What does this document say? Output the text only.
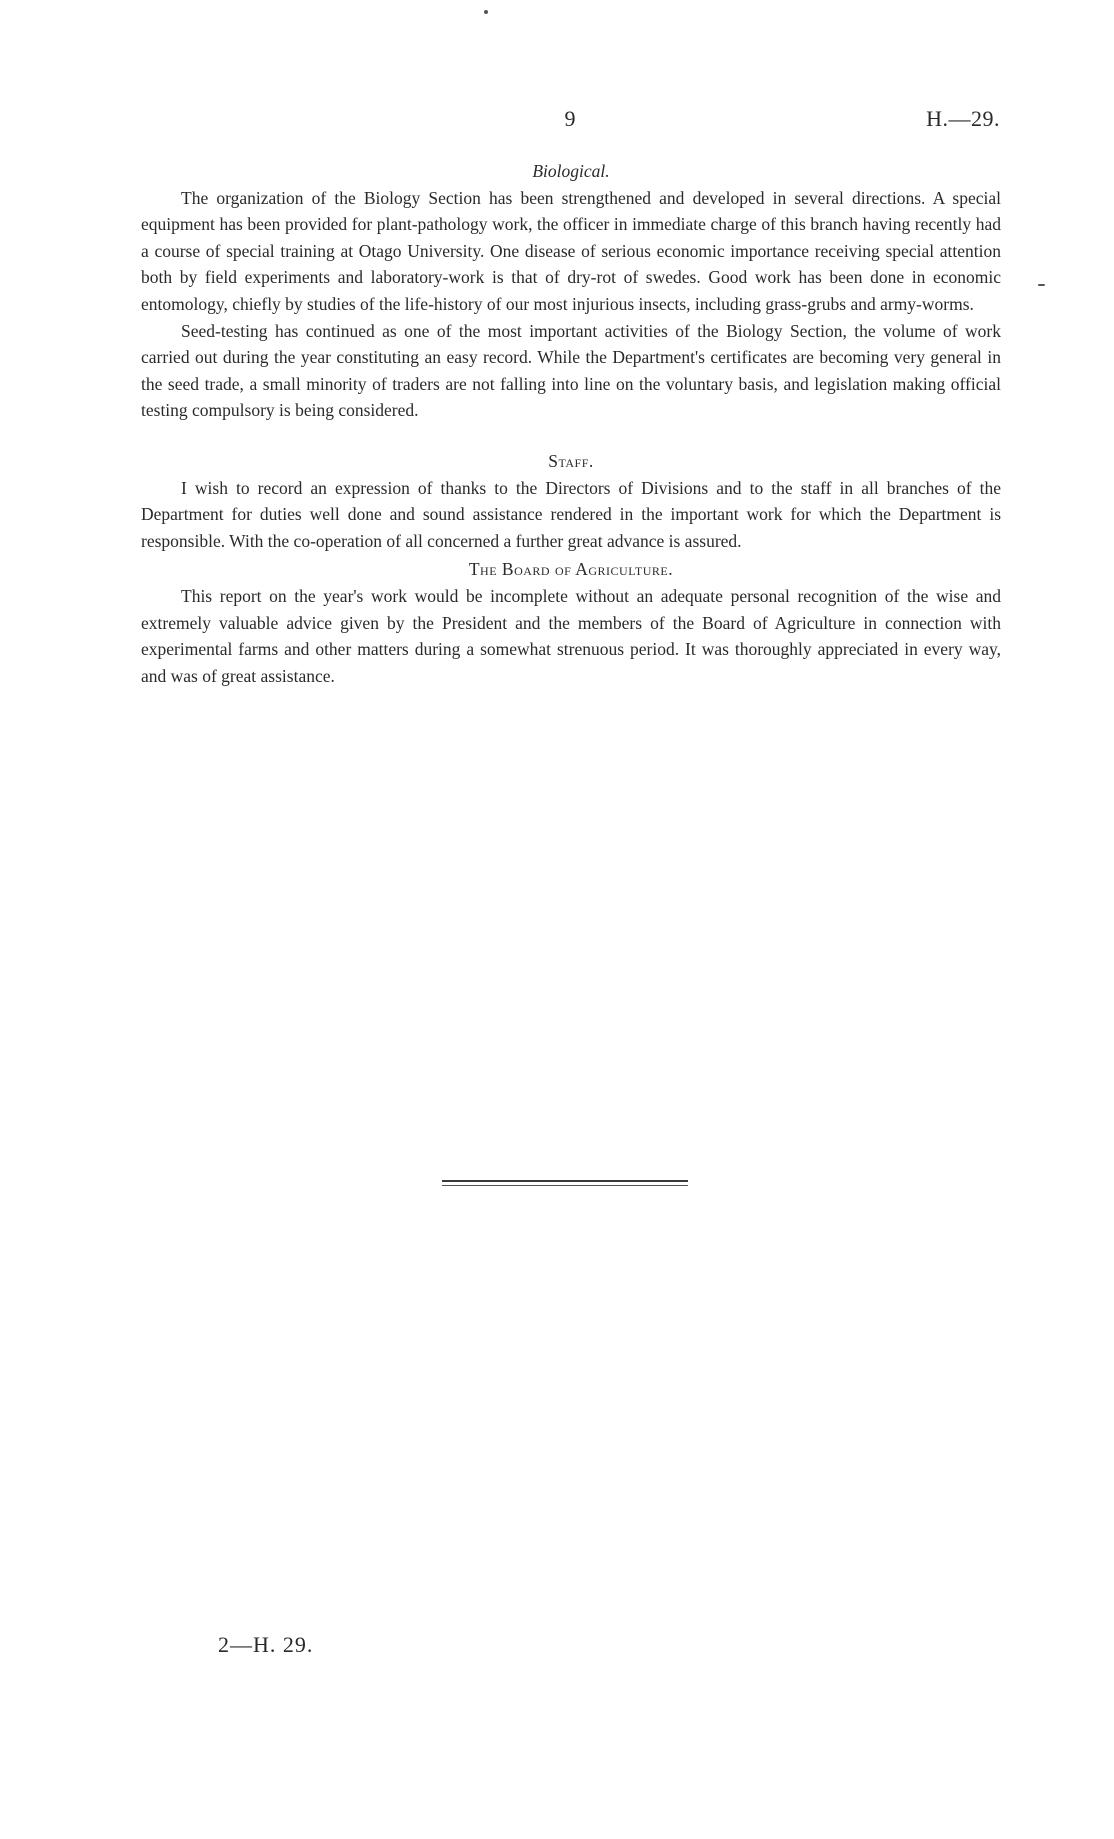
9	H.—29.
Biological.

The organization of the Biology Section has been strengthened and developed in several directions. A special equipment has been provided for plant-pathology work, the officer in immediate charge of this branch having recently had a course of special training at Otago University. One disease of serious economic importance receiving special attention both by field experiments and laboratory-work is that of dry-rot of swedes. Good work has been done in economic entomology, chiefly by studies of the life-history of our most injurious insects, including grass-grubs and army-worms.

Seed-testing has continued as one of the most important activities of the Biology Section, the volume of work carried out during the year constituting an easy record. While the Department's certificates are becoming very general in the seed trade, a small minority of traders are not falling into line on the voluntary basis, and legislation making official testing compulsory is being considered.

Staff.

I wish to record an expression of thanks to the Directors of Divisions and to the staff in all branches of the Department for duties well done and sound assistance rendered in the important work for which the Department is responsible. With the co-operation of all concerned a further great advance is assured.

The Board of Agriculture.

This report on the year's work would be incomplete without an adequate personal recognition of the wise and extremely valuable advice given by the President and the members of the Board of Agriculture in connection with experimental farms and other matters during a somewhat strenuous period. It was thoroughly appreciated in every way, and was of great assistance.

2—H. 29.
